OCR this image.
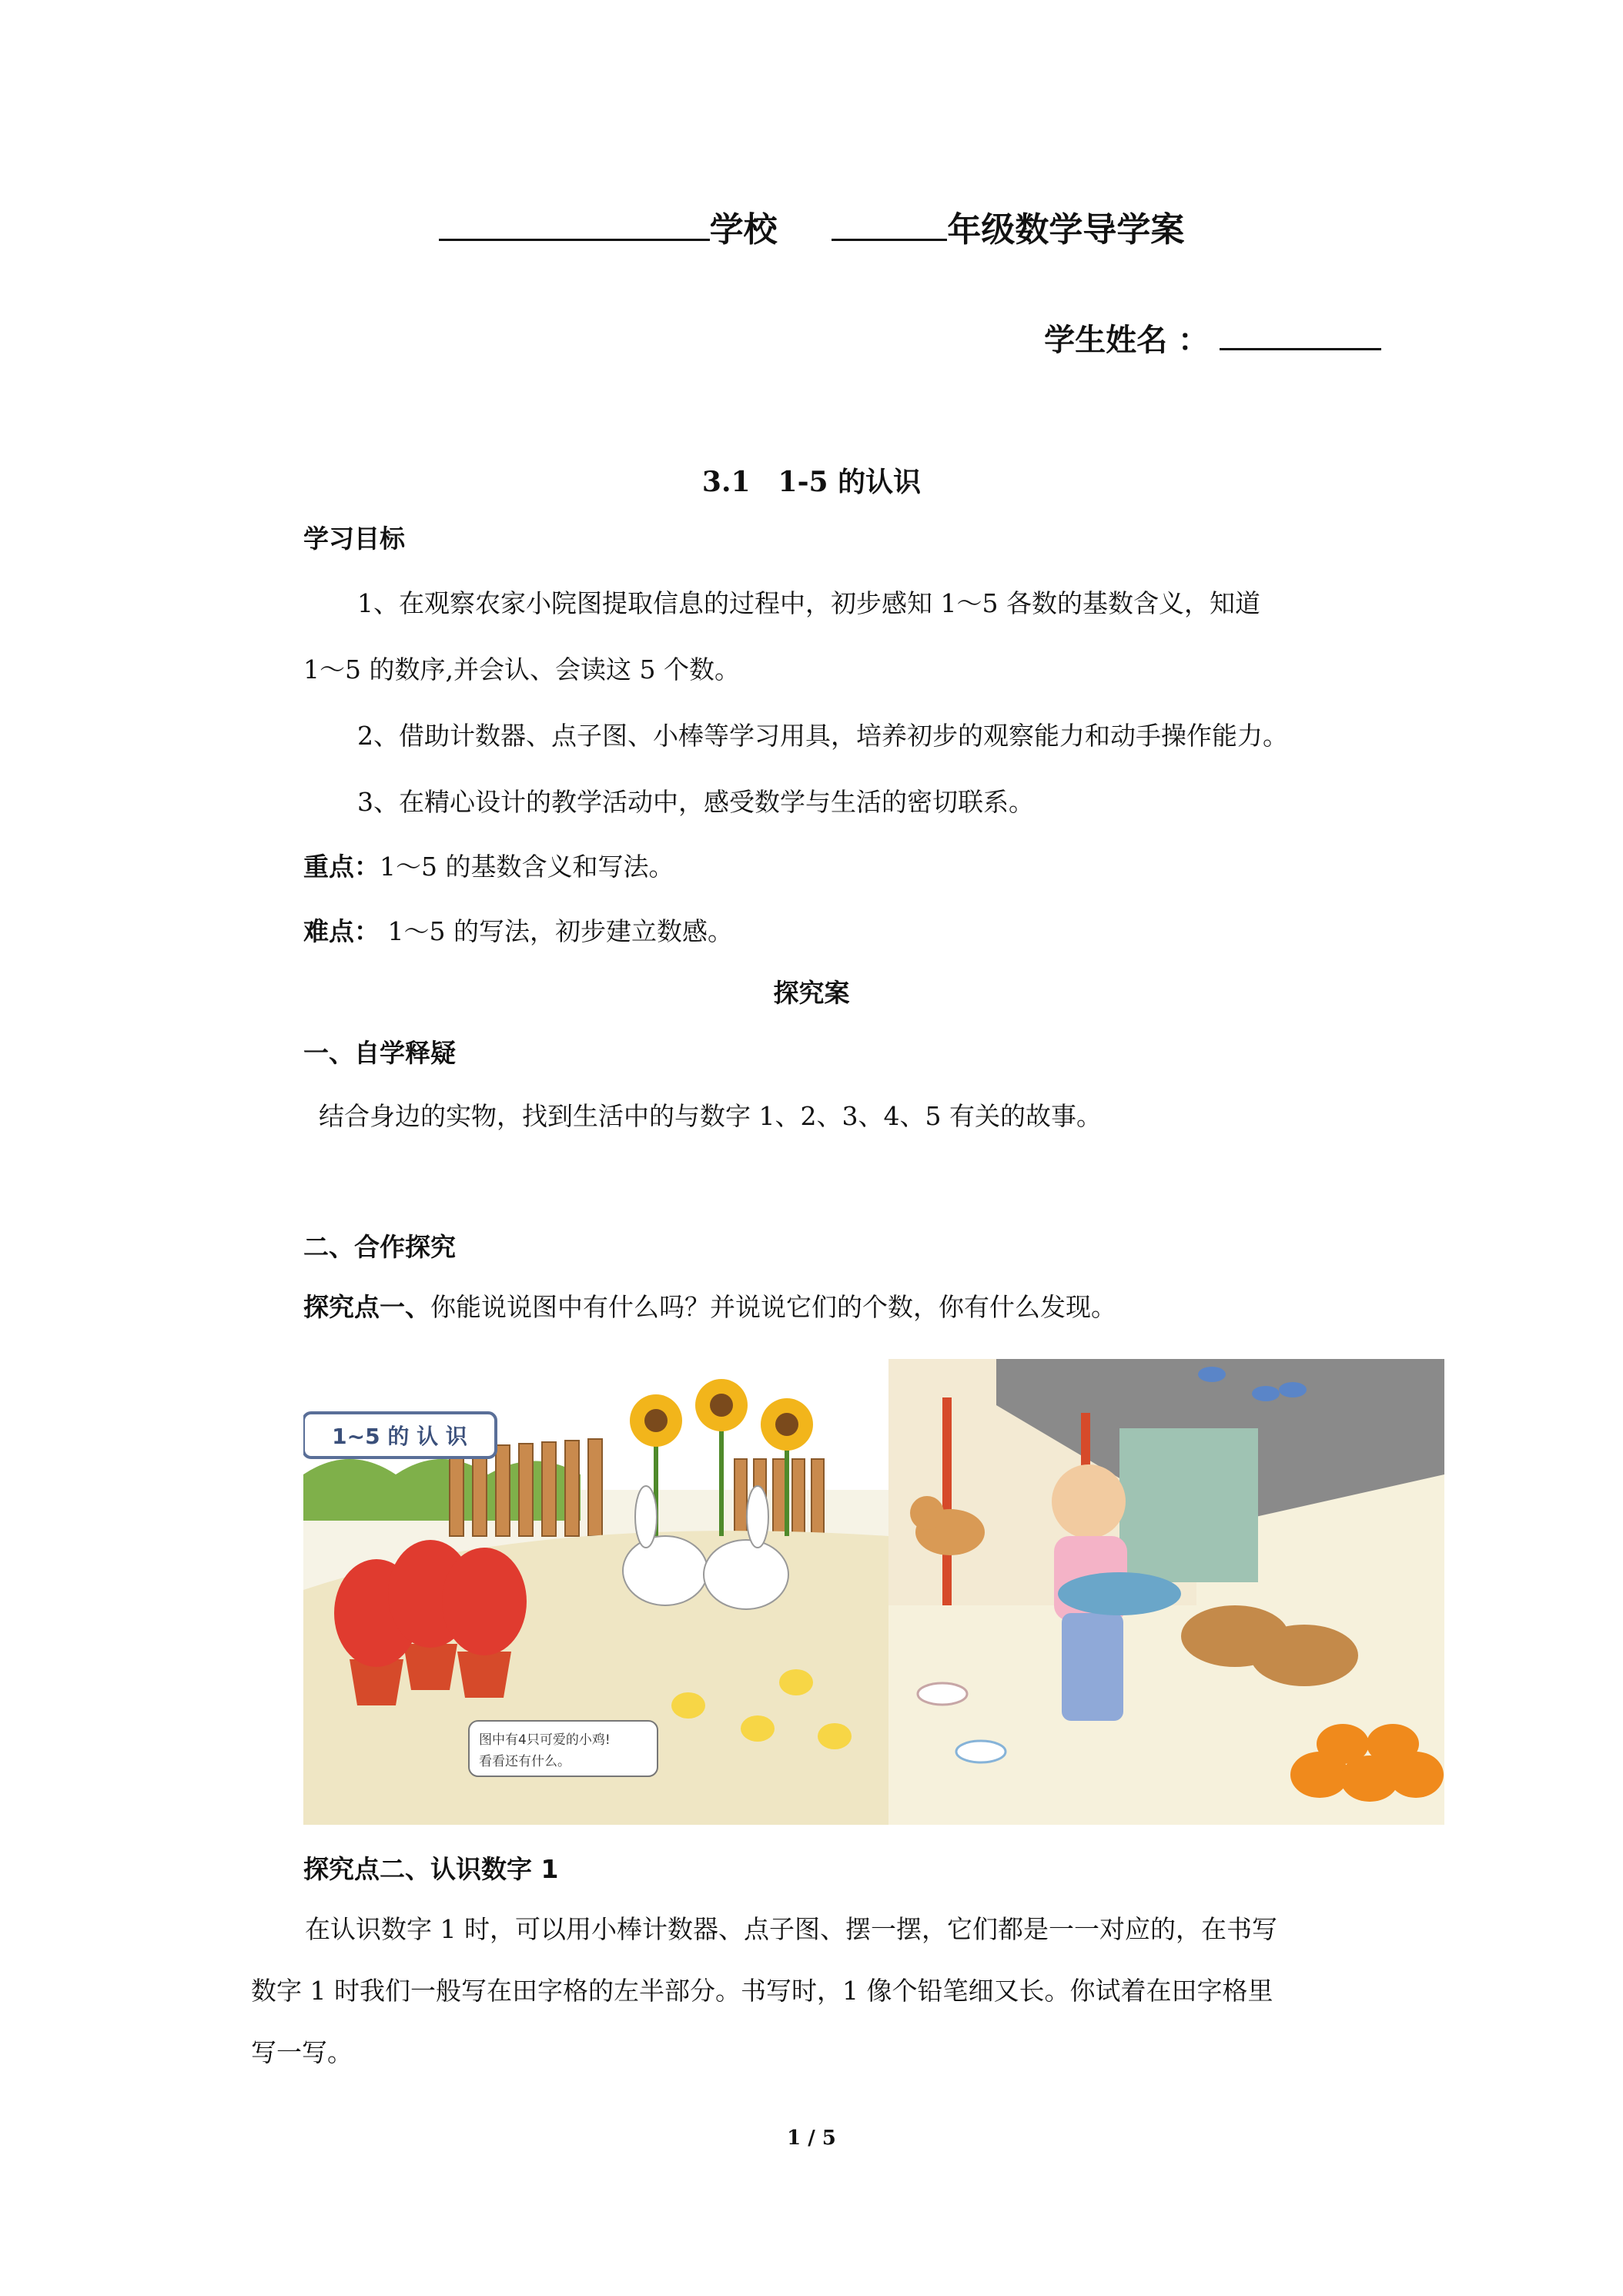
学校	年级数学导学案
学生姓名 ：
3.1　1-5 的认识
学习目标
1、在观察农家小院图提取信息的过程中，初步感知 1～5 各数的基数含义，知道
1～5 的数序,并会认、会读这 5 个数。
2、借助计数器、点子图、小棒等学习用具，培养初步的观察能力和动手操作能力。
3、在精心设计的教学活动中，感受数学与生活的密切联系。
重点：1～5 的基数含义和写法。
难点： 1～5 的写法，初步建立数感。
探究案
一、自学释疑
结合身边的实物，找到生活中的与数字 1、2、3、4、5 有关的故事。
二、合作探究
探究点一、你能说说图中有什么吗？并说说它们的个数，你有什么发现。
1~5 的 认 识
图中有4只可爱的小鸡!
看看还有什么。
探究点二、认识数字 1
在认识数字 1 时，可以用小棒计数器、点子图、摆一摆，它们都是一一对应的，在书写
数字 1 时我们一般写在田字格的左半部分。书写时，1 像个铅笔细又长。你试着在田字格里
写一写。
1 / 5
